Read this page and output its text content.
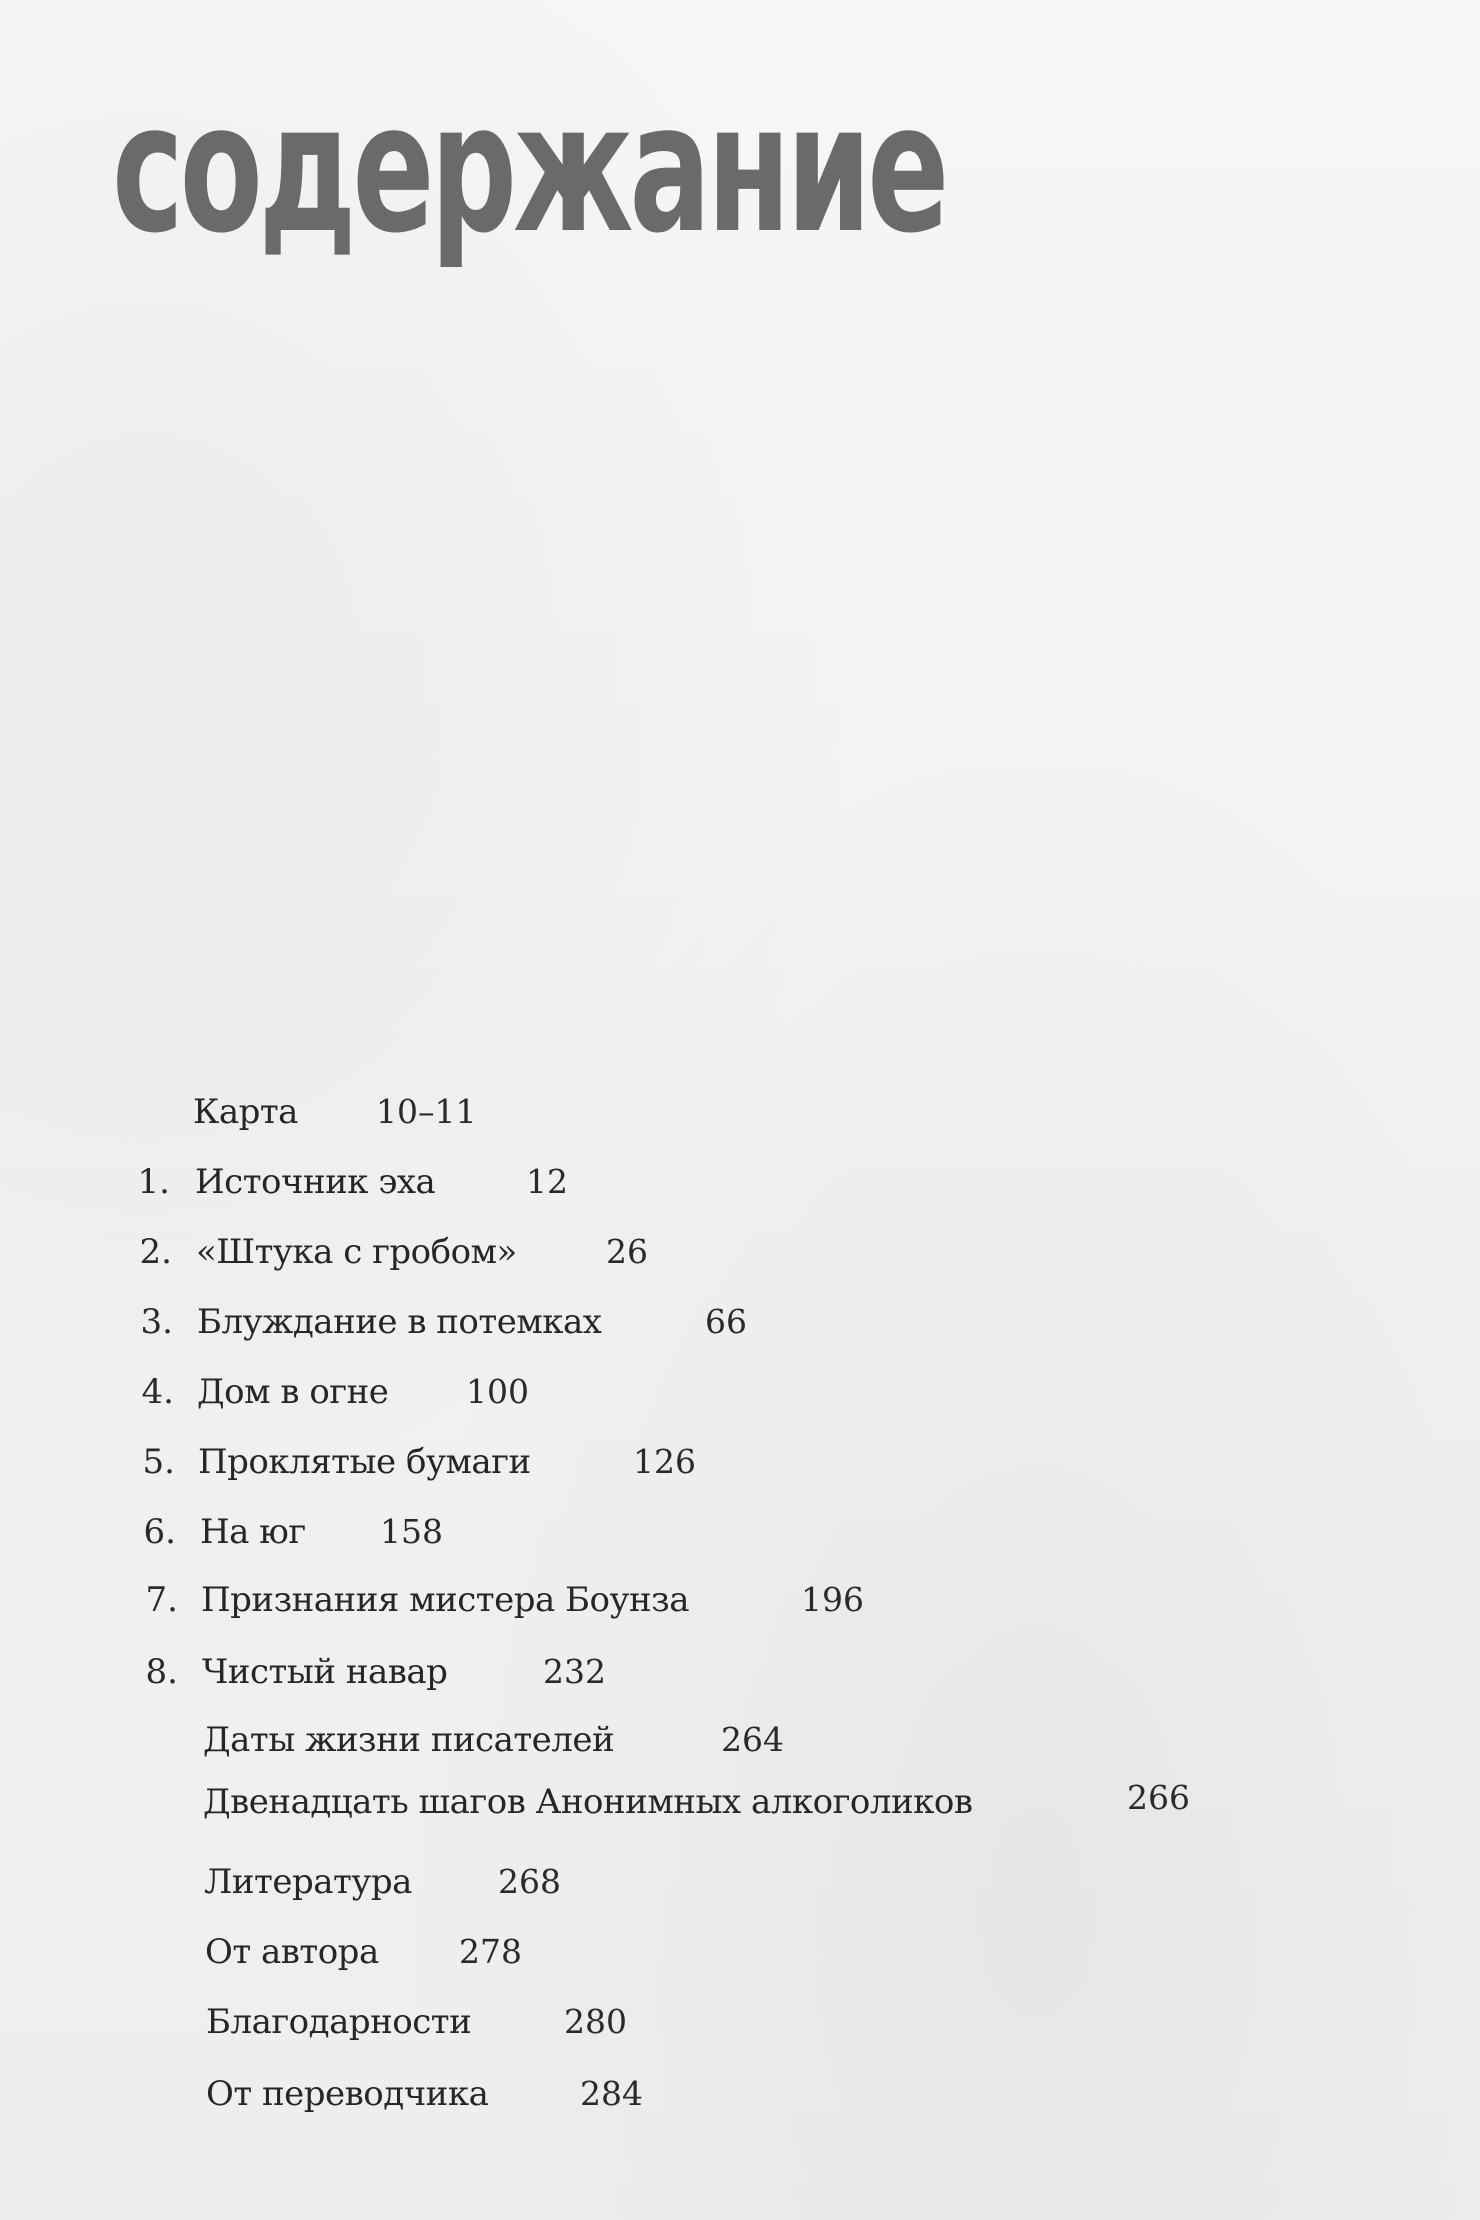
содержание
Карта 10–11
1. Источник эха	12
2. «Штука с гробом»	26
3. Блуждание в потемках	66
4. Дом в огне 100
5. Проклятые бумаги	126
6. На юг 158
7. Признания мистера Боунза	196
8. Чистый навар	232
Даты жизни писателей	264
Двенадцать шагов Анонимных алкоголиков	266
Литература	268
От автора 278
Благодарности	280
От переводчика	284
